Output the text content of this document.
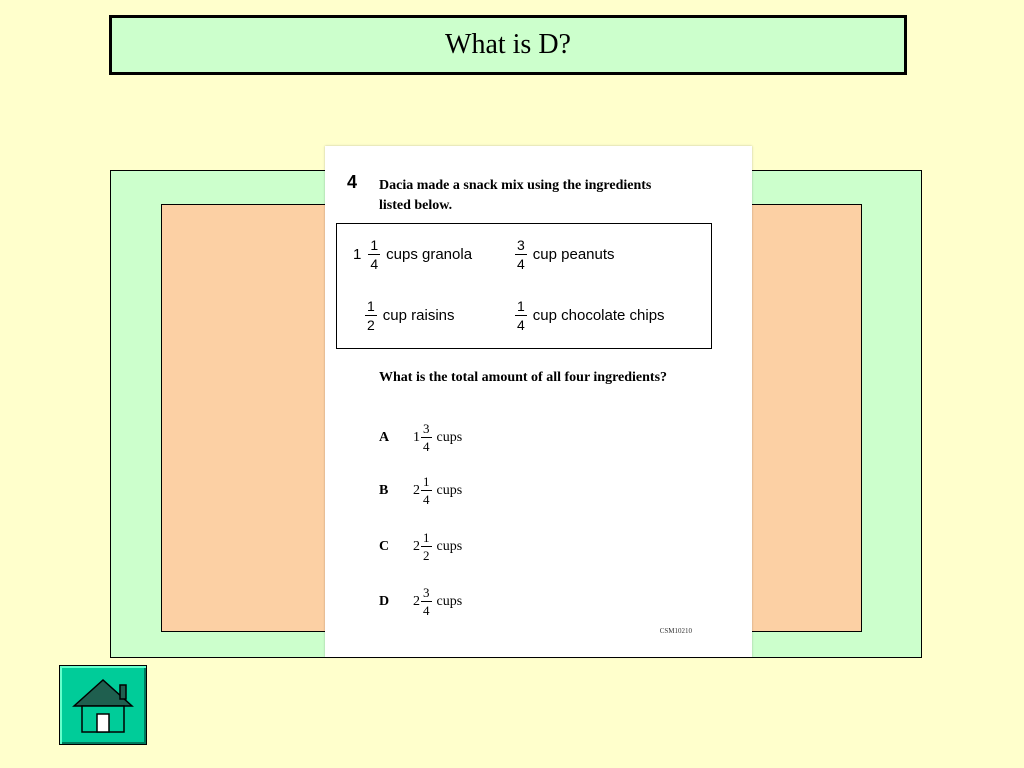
What is D?
4 Dacia made a snack mix using the ingredients
listed below.
$1 \frac{1}{4}$ cups granola	$\frac{3}{4}$ cup peanuts
$\frac{1}{2}$ cup raisins	$\frac{1}{4}$ cup chocolate chips
What is the total amount of all four ingredients?
A	$1 \frac{3}{4}$ cups
B	$2 \frac{1}{4}$ cups
C	$2 \frac{1}{2}$ cups
D	$2 \frac{3}{4}$ cups
CSM10210
